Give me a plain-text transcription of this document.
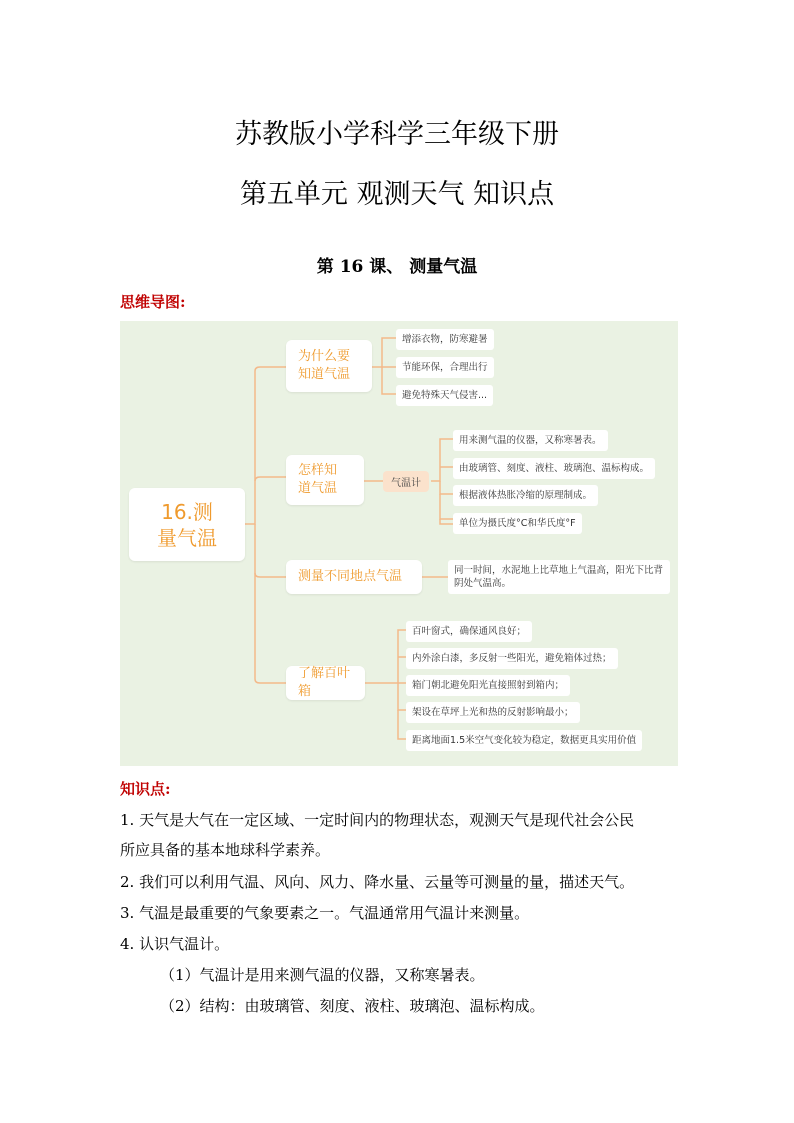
苏教版小学科学三年级下册
第五单元 观测天气 知识点
第 16 课、 测量气温
思维导图:
16.测量气温
为什么要知道气温
增添衣物，防寒避暑
节能环保，合理出行
避免特殊天气侵害...
怎样知道气温	气温计
用来测气温的仪器，又称寒暑表。
由玻璃管、刻度、液柱、玻璃泡、温标构成。
根据液体热胀冷缩的原理制成。
单位为摄氏度°C和华氏度°F
测量不同地点气温	同一时间，水泥地上比草地上气温高，阳光下比背阴处气温高。
了解百叶箱
百叶窗式，确保通风良好；
内外涂白漆，多反射一些阳光，避免箱体过热；
箱门朝北避免阳光直接照射到箱内；
架设在草坪上光和热的反射影响最小；
距离地面1.5米空气变化较为稳定，数据更具实用价值
知识点:
1. 天气是大气在一定区域、一定时间内的物理状态，观测天气是现代社会公民
所应具备的基本地球科学素养。
2. 我们可以利用气温、风向、风力、降水量、云量等可测量的量，描述天气。
3. 气温是最重要的气象要素之一。气温通常用气温计来测量。
4. 认识气温计。
（1）气温计是用来测气温的仪器，又称寒暑表。
（2）结构：由玻璃管、刻度、液柱、玻璃泡、温标构成。
